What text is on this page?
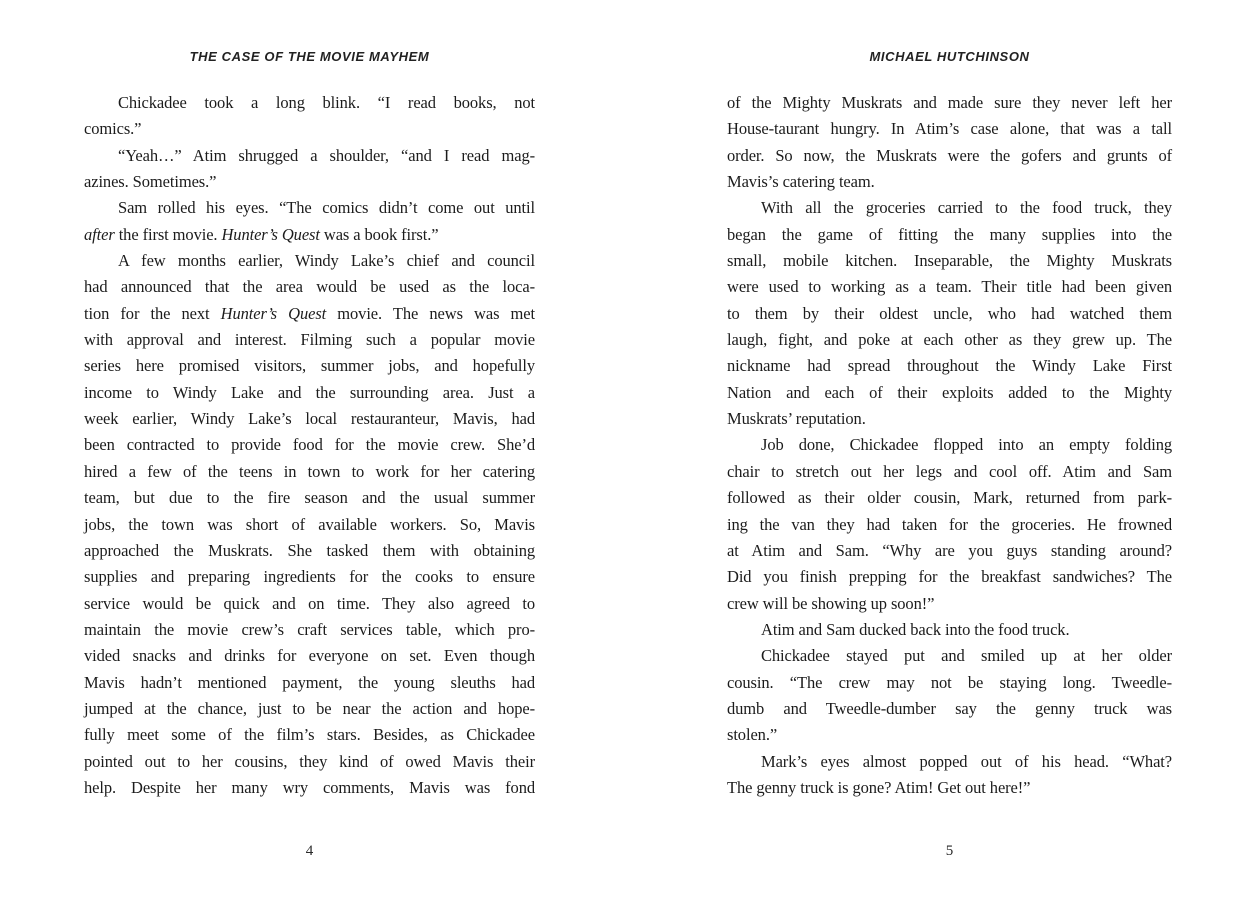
THE CASE OF THE MOVIE MAYHEM
Chickadee took a long blink. “I read books, not
comics.”
“Yeah…” Atim shrugged a shoulder, “and I read mag-
azines. Sometimes.”
Sam rolled his eyes. “The comics didn’t come out until
after the first movie. Hunter’s Quest was a book first.”
A few months earlier, Windy Lake’s chief and council
had announced that the area would be used as the loca-
tion for the next Hunter’s Quest movie. The news was met
with approval and interest. Filming such a popular movie
series here promised visitors, summer jobs, and hopefully
income to Windy Lake and the surrounding area. Just a
week earlier, Windy Lake’s local restauranteur, Mavis, had
been contracted to provide food for the movie crew. She’d
hired a few of the teens in town to work for her catering
team, but due to the fire season and the usual summer
jobs, the town was short of available workers. So, Mavis
approached the Muskrats. She tasked them with obtaining
supplies and preparing ingredients for the cooks to ensure
service would be quick and on time. They also agreed to
maintain the movie crew’s craft services table, which pro-
vided snacks and drinks for everyone on set. Even though
Mavis hadn’t mentioned payment, the young sleuths had
jumped at the chance, just to be near the action and hope-
fully meet some of the film’s stars. Besides, as Chickadee
pointed out to her cousins, they kind of owed Mavis their
help. Despite her many wry comments, Mavis was fond
4
MICHAEL HUTCHINSON
of the Mighty Muskrats and made sure they never left her
House-taurant hungry. In Atim’s case alone, that was a tall
order. So now, the Muskrats were the gofers and grunts of
Mavis’s catering team.
With all the groceries carried to the food truck, they
began the game of fitting the many supplies into the
small, mobile kitchen. Inseparable, the Mighty Muskrats
were used to working as a team. Their title had been given
to them by their oldest uncle, who had watched them
laugh, fight, and poke at each other as they grew up. The
nickname had spread throughout the Windy Lake First
Nation and each of their exploits added to the Mighty
Muskrats’ reputation.
Job done, Chickadee flopped into an empty folding
chair to stretch out her legs and cool off. Atim and Sam
followed as their older cousin, Mark, returned from park-
ing the van they had taken for the groceries. He frowned
at Atim and Sam. “Why are you guys standing around?
Did you finish prepping for the breakfast sandwiches? The
crew will be showing up soon!”
Atim and Sam ducked back into the food truck.
Chickadee stayed put and smiled up at her older
cousin. “The crew may not be staying long. Tweedle-
dumb and Tweedle-dumber say the genny truck was
stolen.”
Mark’s eyes almost popped out of his head. “What?
The genny truck is gone? Atim! Get out here!”
5
